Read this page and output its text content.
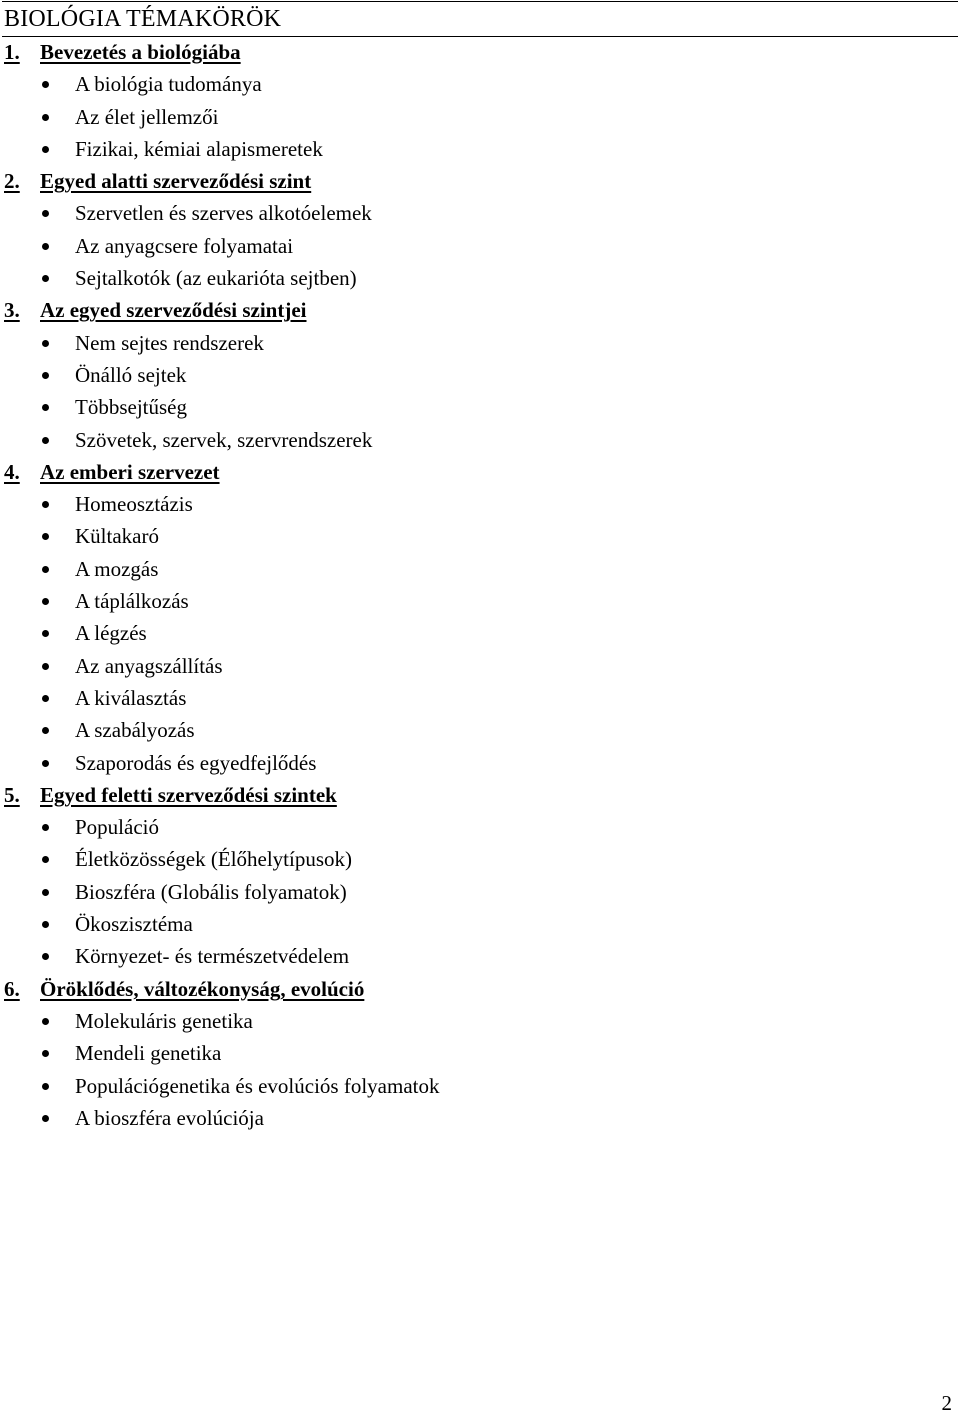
BIOLÓGIA TÉMAKÖRÖK
1. Bevezetés a biológiába
A biológia tudománya
Az élet jellemzői
Fizikai, kémiai alapismeretek
2. Egyed alatti szerveződési szint
Szervetlen és szerves alkotóelemek
Az anyagcsere folyamatai
Sejtalkotók (az eukarióta sejtben)
3. Az egyed szerveződési szintjei
Nem sejtes rendszerek
Önálló sejtek
Többsejtűség
Szövetek, szervek, szervrendszerek
4. Az emberi szervezet
Homeosztázis
Kültakaró
A mozgás
A táplálkozás
A légzés
Az anyagszállítás
A kiválasztás
A szabályozás
Szaporodás és egyedfejlődés
5. Egyed feletti szerveződési szintek
Populáció
Életközösségek (Élőhelytípusok)
Bioszféra (Globális folyamatok)
Ökoszisztéma
Környezet- és természetvédelem
6. Öröklődés, változékonyság, evolúció
Molekuláris genetika
Mendeli genetika
Populációgenetika és evolúciós folyamatok
A bioszféra evolúciója
2
